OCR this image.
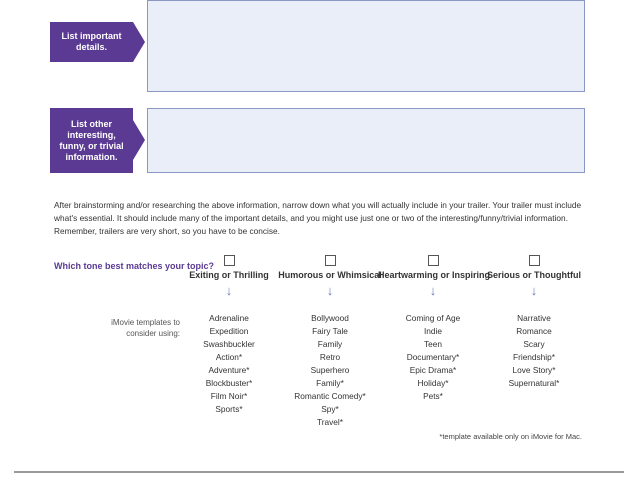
List important details.
List other interesting, funny, or trivial information.
After brainstorming and/or researching the above information, narrow down what you will actually include in your trailer. Your trailer must include what's essential. It should include many of the important details, and you might use just one or two of the interesting/funny/trivial information. Remember, trailers are very short, so you have to be concise.
Which tone best matches your topic?
iMovie templates to consider using:
Exiting or Thrilling
↓
Adrenaline
Expedition
Swashbuckler
Action*
Adventure*
Blockbuster*
Film Noir*
Sports*
Humorous or Whimsical
↓
Bollywood
Fairy Tale
Family
Retro
Superhero
Family*
Romantic Comedy*
Spy*
Travel*
Heartwarming or Inspiring
↓
Coming of Age
Indie
Teen
Documentary*
Epic Drama*
Holiday*
Pets*
Serious or Thoughtful
↓
Narrative
Romance
Scary
Friendship*
Love Story*
Supernatural*
*template available only on iMovie for Mac.
